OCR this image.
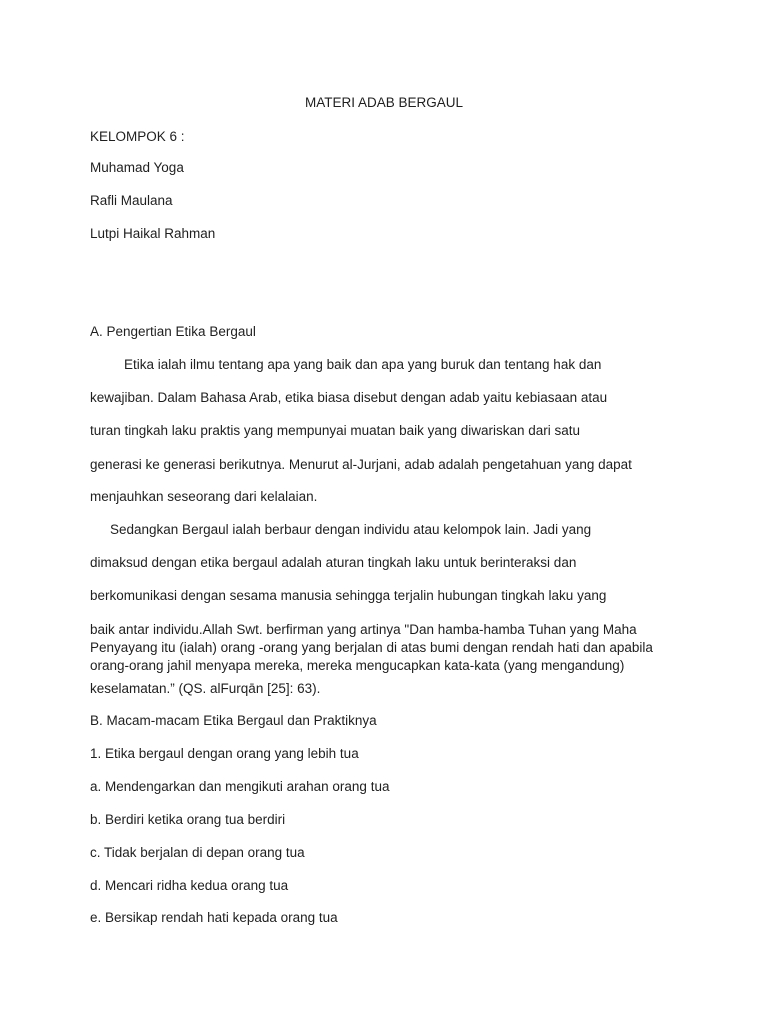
MATERI ADAB BERGAUL
KELOMPOK 6 :
Muhamad Yoga
Rafli Maulana
Lutpi Haikal Rahman
A. Pengertian Etika Bergaul
Etika ialah ilmu tentang apa yang baik dan apa yang buruk dan tentang hak dan
kewajiban. Dalam Bahasa Arab, etika biasa disebut dengan adab yaitu kebiasaan atau
turan tingkah laku praktis yang mempunyai muatan baik yang diwariskan dari satu
generasi ke generasi berikutnya. Menurut al-Jurjani, adab adalah pengetahuan yang dapat
menjauhkan seseorang dari kelalaian.
Sedangkan Bergaul ialah berbaur dengan individu atau kelompok lain. Jadi yang
dimaksud dengan etika bergaul adalah aturan tingkah laku untuk berinteraksi dan
berkomunikasi dengan sesama manusia sehingga terjalin hubungan tingkah laku yang
baik antar individu.Allah Swt. berfirman yang artinya "Dan hamba-hamba Tuhan yang Maha
Penyayang itu (ialah) orang -orang yang berjalan di atas bumi dengan rendah hati dan apabila
orang-orang jahil menyapa mereka, mereka mengucapkan kata-kata (yang mengandung)
keselamatan.” (QS. alFurqān [25]: 63).
B. Macam-macam Etika Bergaul dan Praktiknya
1. Etika bergaul dengan orang yang lebih tua
a. Mendengarkan dan mengikuti arahan orang tua
b. Berdiri ketika orang tua berdiri
c. Tidak berjalan di depan orang tua
d. Mencari ridha kedua orang tua
e. Bersikap rendah hati kepada orang tua
